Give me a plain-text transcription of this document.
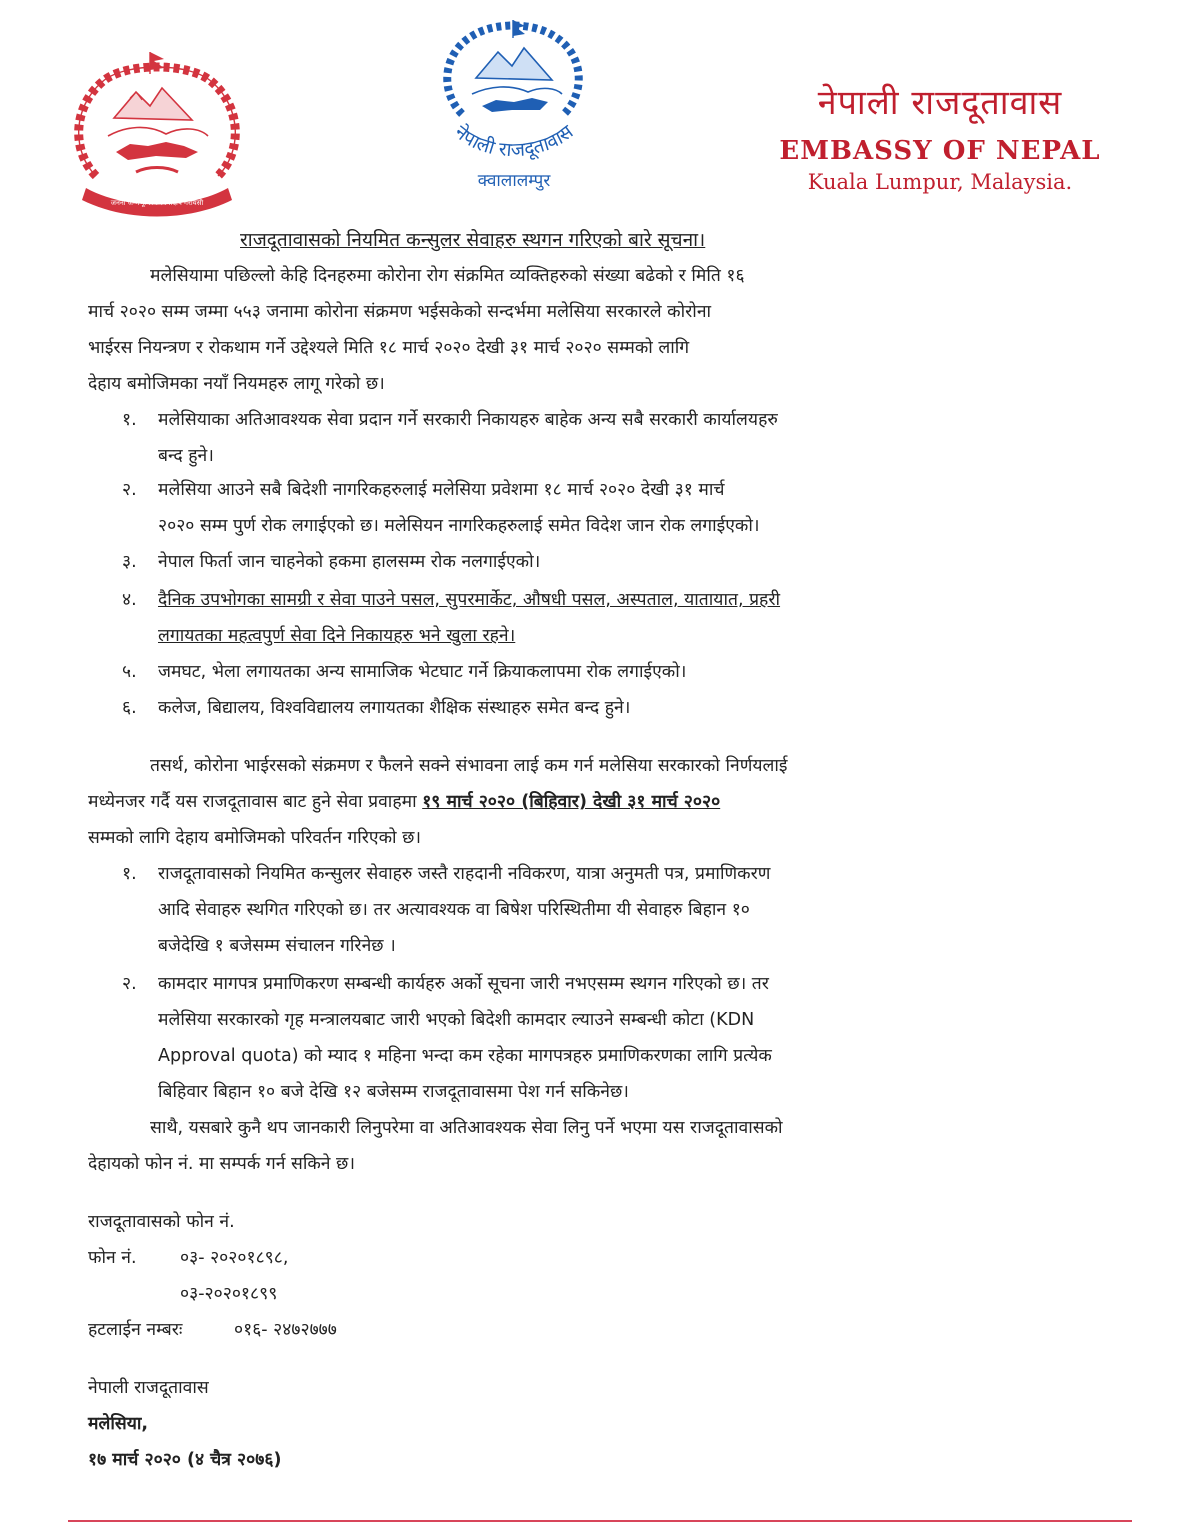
जननी जन्मभूमिश्च स्वर्गादपि गरीयसी
नेपाली राजदूतावास
क्वालालम्पुर
नेपाली राजदूतावास
EMBASSY OF NEPAL
Kuala Lumpur, Malaysia.
राजदूतावासको नियमित कन्सुलर सेवाहरु स्थगन गरिएको बारे सूचना।
मलेसियामा पछिल्लो केहि दिनहरुमा कोरोना रोग संक्रमित व्यक्तिहरुको संख्या बढेको र मिति १६
मार्च २०२० सम्म जम्मा ५५३ जनामा कोरोना संक्रमण भईसकेको सन्दर्भमा मलेसिया सरकारले कोरोना
भाईरस नियन्त्रण र रोकथाम गर्ने उद्देश्यले मिति १८ मार्च २०२० देखी ३१ मार्च २०२० सम्मको लागि
देहाय बमोजिमका नयाँ नियमहरु लागू गरेको छ।
१. मलेसियाका अतिआवश्यक सेवा प्रदान गर्ने सरकारी निकायहरु बाहेक अन्य सबै सरकारी कार्यालयहरु
बन्द हुने।
२. मलेसिया आउने सबै बिदेशी नागरिकहरुलाई मलेसिया प्रवेशमा १८ मार्च २०२० देखी ३१ मार्च
२०२० सम्म पुर्ण रोक लगाईएको छ। मलेसियन नागरिकहरुलाई समेत विदेश जान रोक लगाईएको।
३. नेपाल फिर्ता जान चाहनेको हकमा हालसम्म रोक नलगाईएको।
४. दैनिक उपभोगका सामग्री र सेवा पाउने पसल, सुपरमार्केट, औषधी पसल, अस्पताल, यातायात, प्रहरी
लगायतका महत्वपुर्ण सेवा दिने निकायहरु भने खुला रहने।
५. जमघट, भेला लगायतका अन्य सामाजिक भेटघाट गर्ने क्रियाकलापमा रोक लगाईएको।
६. कलेज, बिद्यालय, विश्वविद्यालय लगायतका शैक्षिक संस्थाहरु समेत बन्द हुने।
तसर्थ, कोरोना भाईरसको संक्रमण र फैलने सक्ने संभावना लाई कम गर्न मलेसिया सरकारको निर्णयलाई
मध्येनजर गर्दै यस राजदूतावास बाट हुने सेवा प्रवाहमा १९ मार्च २०२० (बिहिवार) देखी ३१ मार्च २०२०
सम्मको लागि देहाय बमोजिमको परिवर्तन गरिएको छ।
१. राजदूतावासको नियमित कन्सुलर सेवाहरु जस्तै राहदानी नविकरण, यात्रा अनुमती पत्र, प्रमाणिकरण
आदि सेवाहरु स्थगित गरिएको छ। तर अत्यावश्यक वा बिषेश परिस्थितीमा यी सेवाहरु बिहान १०
बजेदेखि १ बजेसम्म संचालन गरिनेछ ।
२. कामदार मागपत्र प्रमाणिकरण सम्बन्धी कार्यहरु अर्को सूचना जारी नभएसम्म स्थगन गरिएको छ। तर
मलेसिया सरकारको गृह मन्त्रालयबाट जारी भएको बिदेशी कामदार ल्याउने सम्बन्धी कोटा (KDN
Approval quota) को म्याद १ महिना भन्दा कम रहेका मागपत्रहरु प्रमाणिकरणका लागि प्रत्येक
बिहिवार बिहान १० बजे देखि १२ बजेसम्म राजदूतावासमा पेश गर्न सकिनेछ।
साथै, यसबारे कुनै थप जानकारी लिनुपरेमा वा अतिआवश्यक सेवा लिनु पर्ने भएमा यस राजदूतावासको
देहायको फोन नं. मा सम्पर्क गर्न सकिने छ।
राजदूतावासको फोन नं.
फोन नं. ०३- २०२०१८९८,
०३-२०२०१८९९
हटलाईन नम्बरः	०१६- २४७२७७७
नेपाली राजदूतावास
मलेसिया,
१७ मार्च २०२० (४ चैत्र २०७६)
